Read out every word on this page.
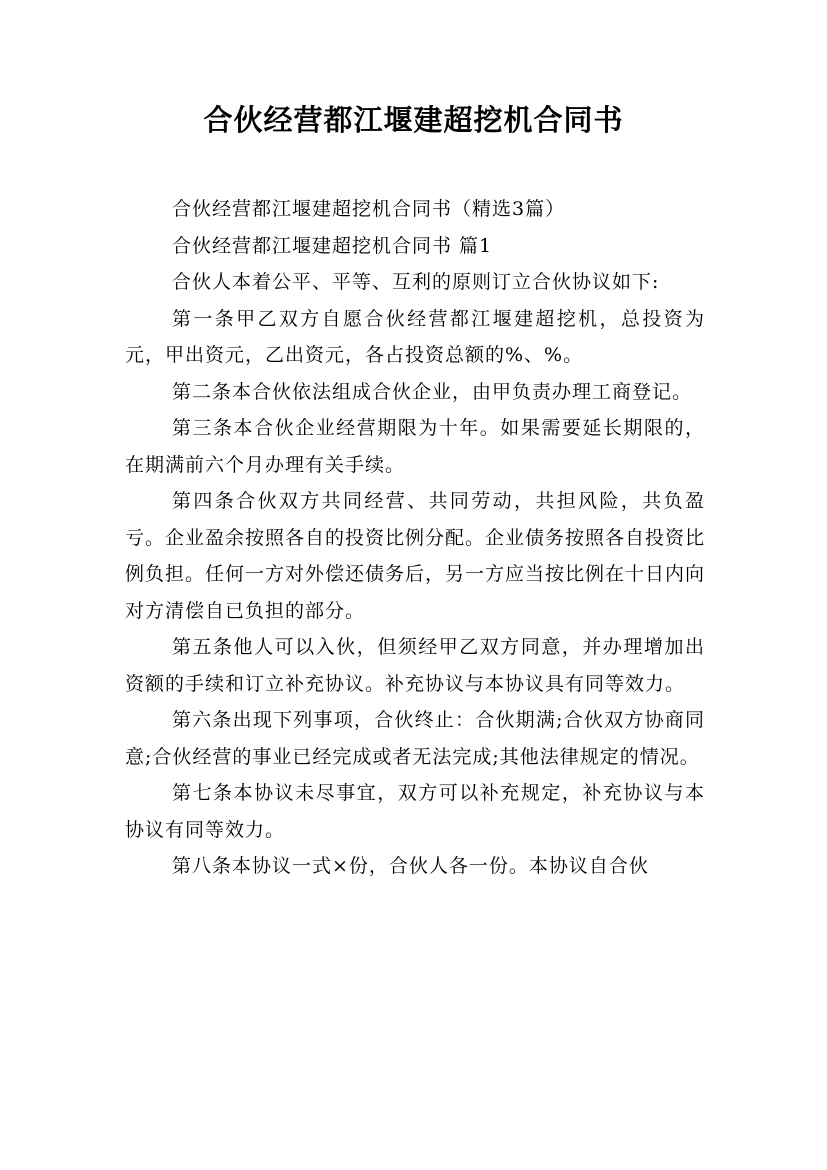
合伙经营都江堰建超挖机合同书

合伙经营都江堰建超挖机合同书（精选3篇）

合伙经营都江堰建超挖机合同书 篇1

合伙人本着公平、平等、互利的原则订立合伙协议如下:

第一条甲乙双方自愿合伙经营都江堰建超挖机，总投资为元，甲出资元，乙出资元，各占投资总额的%、%。

第二条本合伙依法组成合伙企业，由甲负责办理工商登记。

第三条本合伙企业经营期限为十年。如果需要延长期限的，在期满前六个月办理有关手续。

第四条合伙双方共同经营、共同劳动，共担风险，共负盈亏。企业盈余按照各自的投资比例分配。企业债务按照各自投资比例负担。任何一方对外偿还债务后，另一方应当按比例在十日内向对方清偿自已负担的部分。

第五条他人可以入伙，但须经甲乙双方同意，并办理增加出资额的手续和订立补充协议。补充协议与本协议具有同等效力。

第六条出现下列事项，合伙终止：合伙期满;合伙双方协商同意;合伙经营的事业已经完成或者无法完成;其他法律规定的情况。

第七条本协议未尽事宜，双方可以补充规定，补充协议与本协议有同等效力。

第八条本协议一式×份，合伙人各一份。本协议自合伙
